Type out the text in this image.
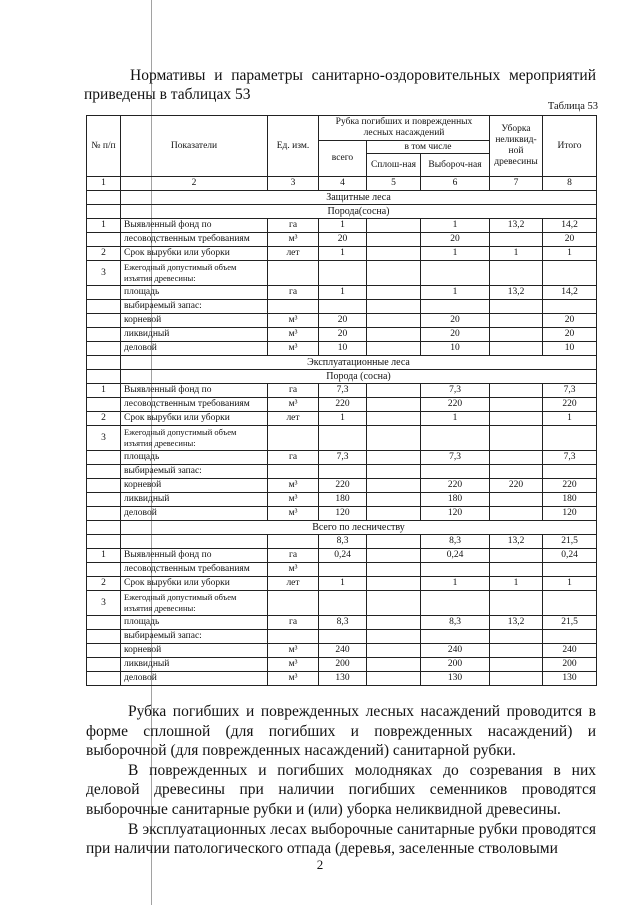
Нормативы и параметры санитарно-оздоровительных мероприятий приведены в таблицах 53

Таблица 53
№ п/п	Показатели	Ед. изм.	Рубка погибших и поврежденных лесных насаждений			Уборка неликвид-ной древесины	Итого
			всего	в том числе			
				Сплош-ная	Выбороч-ная		
1	2	3	4	5	6	7	8
	Защитные леса						
	Порода(сосна)						
1	Выявленный фонд по	га	1		1	13,2	14,2
	лесоводственным требованиям	м³	20		20		20
2	Срок вырубки или уборки	лет	1		1	1	1
3	Ежегодный допустимый объем изъятия древесины:						
	площадь	га	1		1	13,2	14,2
	выбираемый запас:						
	корневой	м³	20		20		20
	ликвидный	м³	20		20		20
	деловой	м³	10		10		10
	Эксплуатационные леса						
	Порода (сосна)						
1	Выявленный фонд по	га	7,3		7,3		7,3
	лесоводственным требованиям	м³	220		220		220
2	Срок вырубки или уборки	лет	1		1		1
3	Ежегодный допустимый объем изъятия древесины:						
	площадь	га	7,3		7,3		7,3
	выбираемый запас:						
	корневой	м³	220		220	220	220
	ликвидный	м³	180		180		180
	деловой	м³	120		120		120
	Всего по лесничеству						
			8,3		8,3	13,2	21,5
1	Выявленный фонд по	га	0,24		0,24		0,24
	лесоводственным требованиям	м³					
2	Срок вырубки или уборки	лет	1		1	1	1
3	Ежегодный допустимый объем изъятия древесины:						
	площадь	га	8,3		8,3	13,2	21,5
	выбираемый запас:						
	корневой	м³	240		240		240
	ликвидный	м³	200		200		200
	деловой	м³	130		130		130

Рубка погибших и поврежденных лесных насаждений проводится в форме сплошной (для погибших и поврежденных насаждений) и выборочной (для поврежденных насаждений) санитарной рубки.

В поврежденных и погибших молодняках до созревания в них деловой древесины при наличии погибших семенников проводятся выборочные санитарные рубки и (или) уборка неликвидной древесины.

В эксплуатационных лесах выборочные санитарные рубки проводятся при наличии патологического отпада (деревья, заселенные стволовыми

2
